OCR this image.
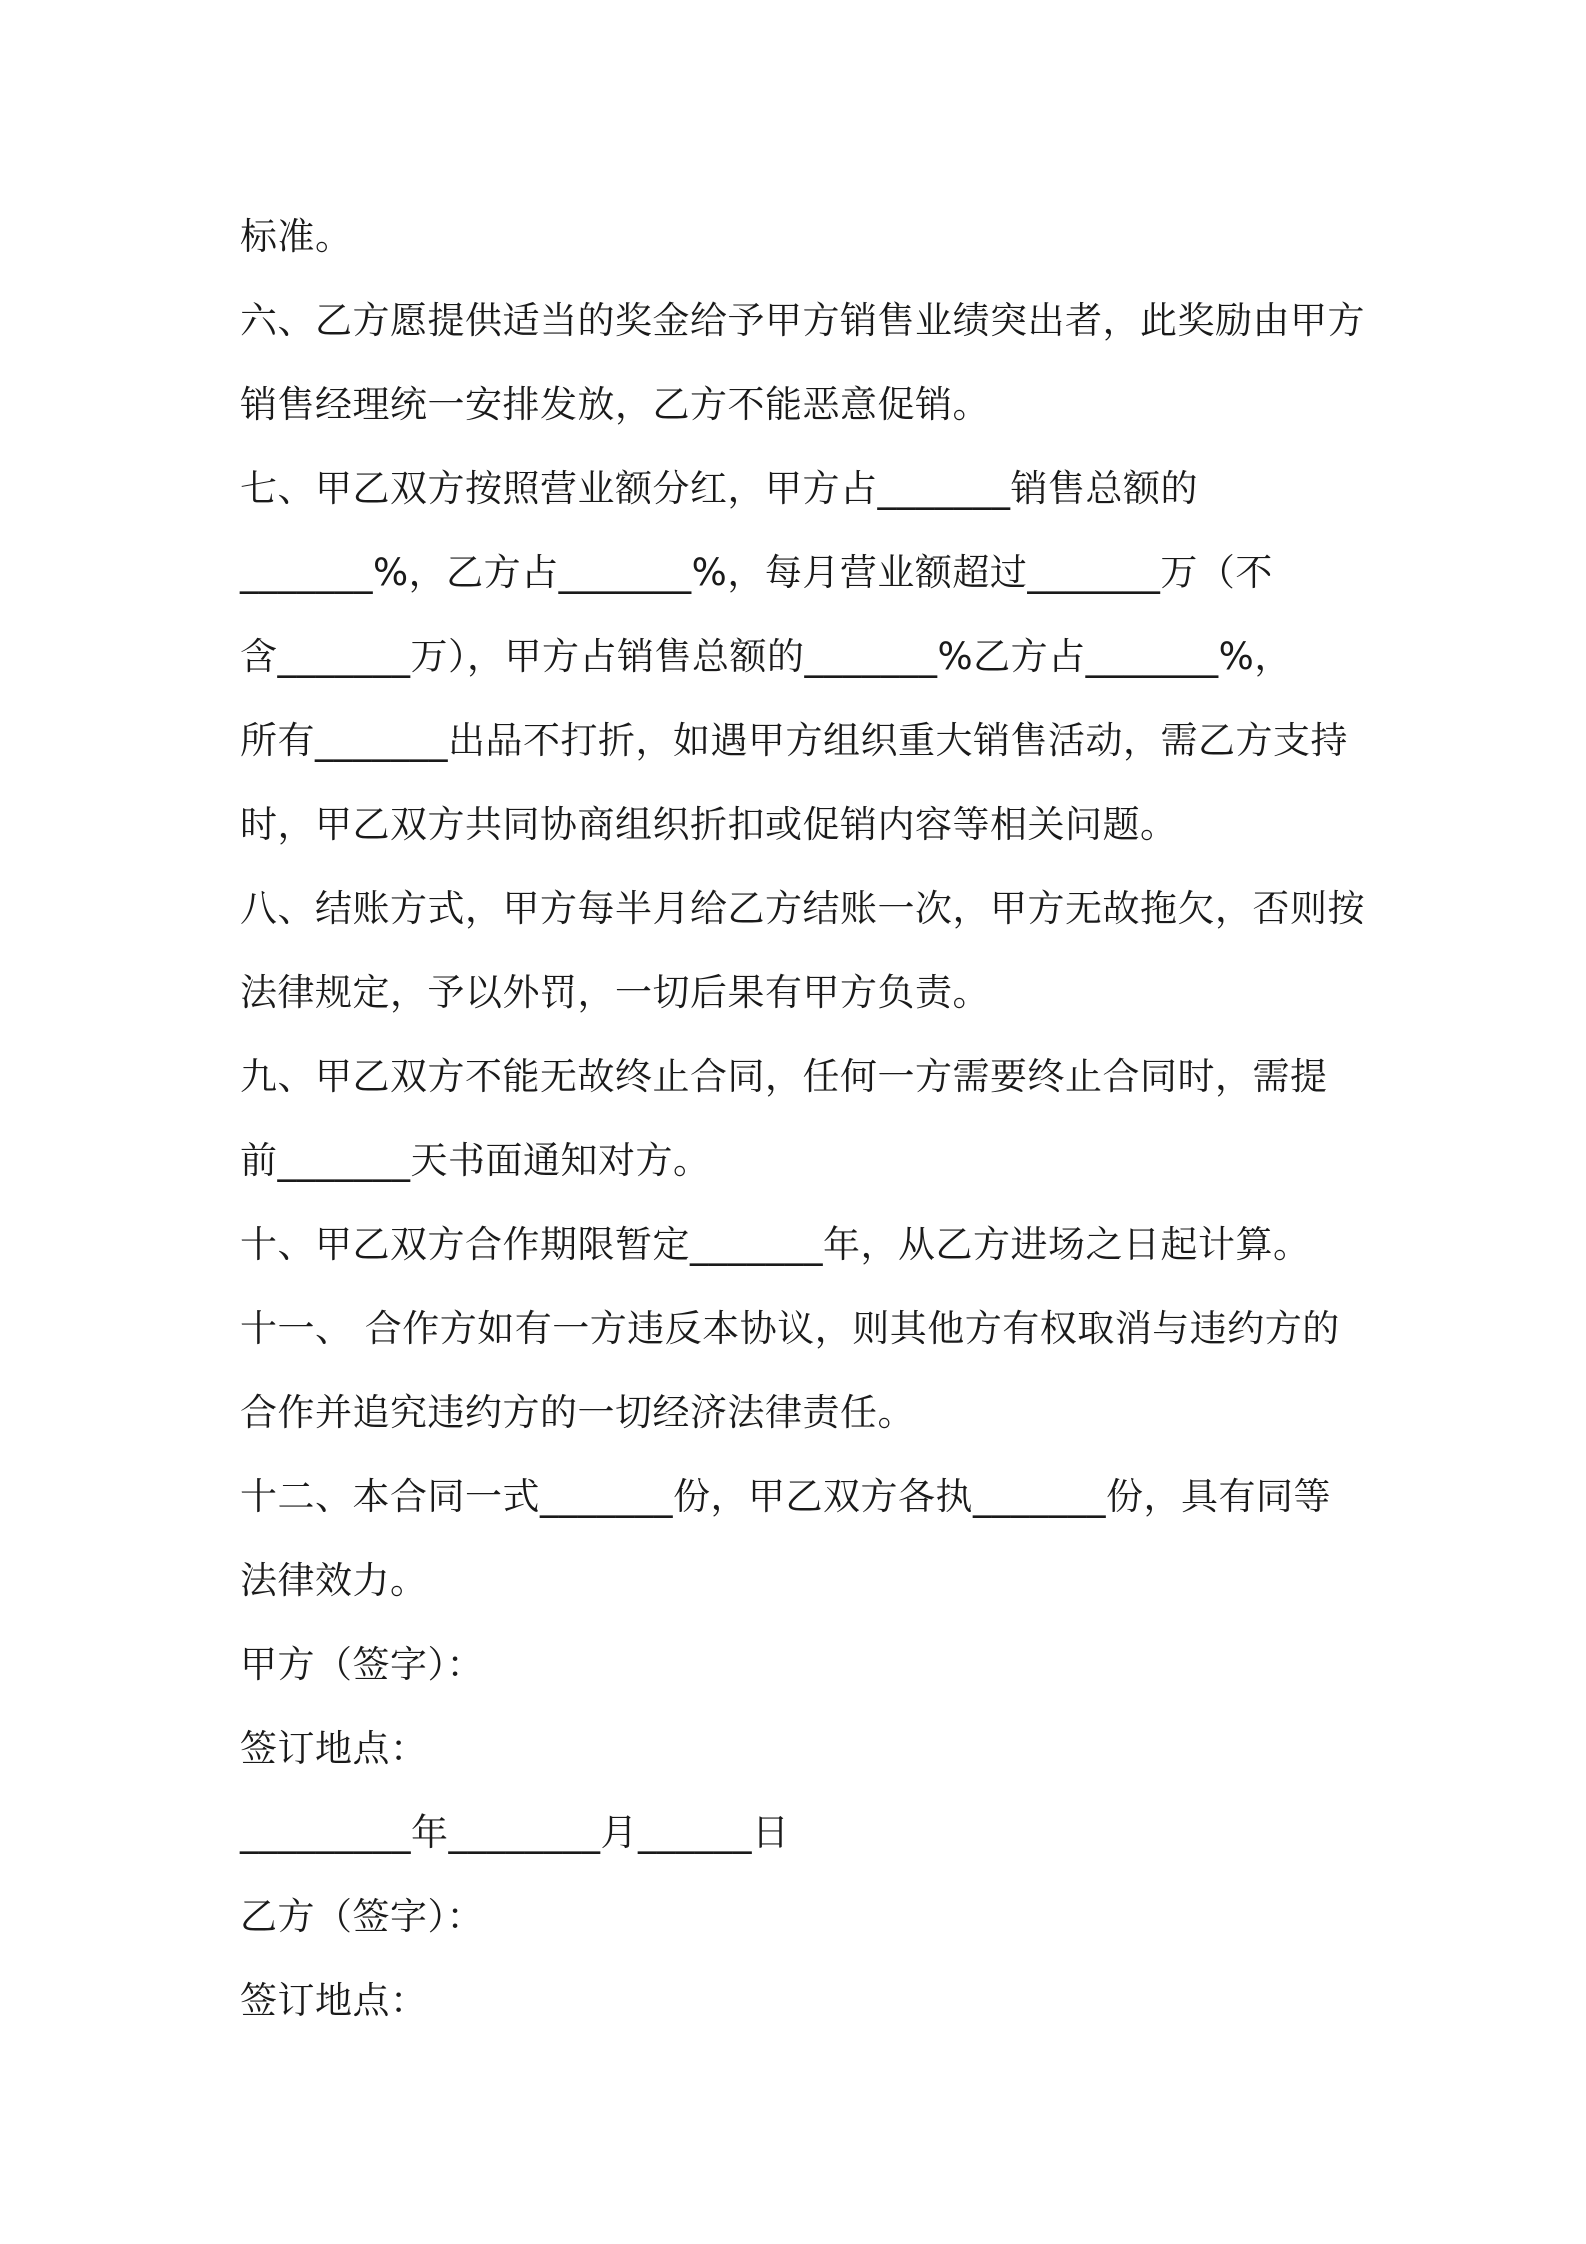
标准。
六、乙方愿提供适当的奖金给予甲方销售业绩突出者，此奖励由甲方
销售经理统一安排发放，乙方不能恶意促销。
七、甲乙双方按照营业额分红，甲方占_______销售总额的
_______%，乙方占_______%，每月营业额超过_______万（不
含_______万），甲方占销售总额的_______%乙方占_______%，
所有_______出品不打折，如遇甲方组织重大销售活动，需乙方支持
时，甲乙双方共同协商组织折扣或促销内容等相关问题。
八、结账方式，甲方每半月给乙方结账一次，甲方无故拖欠，否则按
法律规定，予以外罚，一切后果有甲方负责。
九、甲乙双方不能无故终止合同，任何一方需要终止合同时，需提
前_______天书面通知对方。
十、甲乙双方合作期限暂定_______年，从乙方进场之日起计算。
十一、 合作方如有一方违反本协议，则其他方有权取消与违约方的
合作并追究违约方的一切经济法律责任。
十二、本合同一式_______份，甲乙双方各执_______份，具有同等
法律效力。
甲方（签字）：
签订地点：
_________年________月______日
乙方（签字）：
签订地点：
